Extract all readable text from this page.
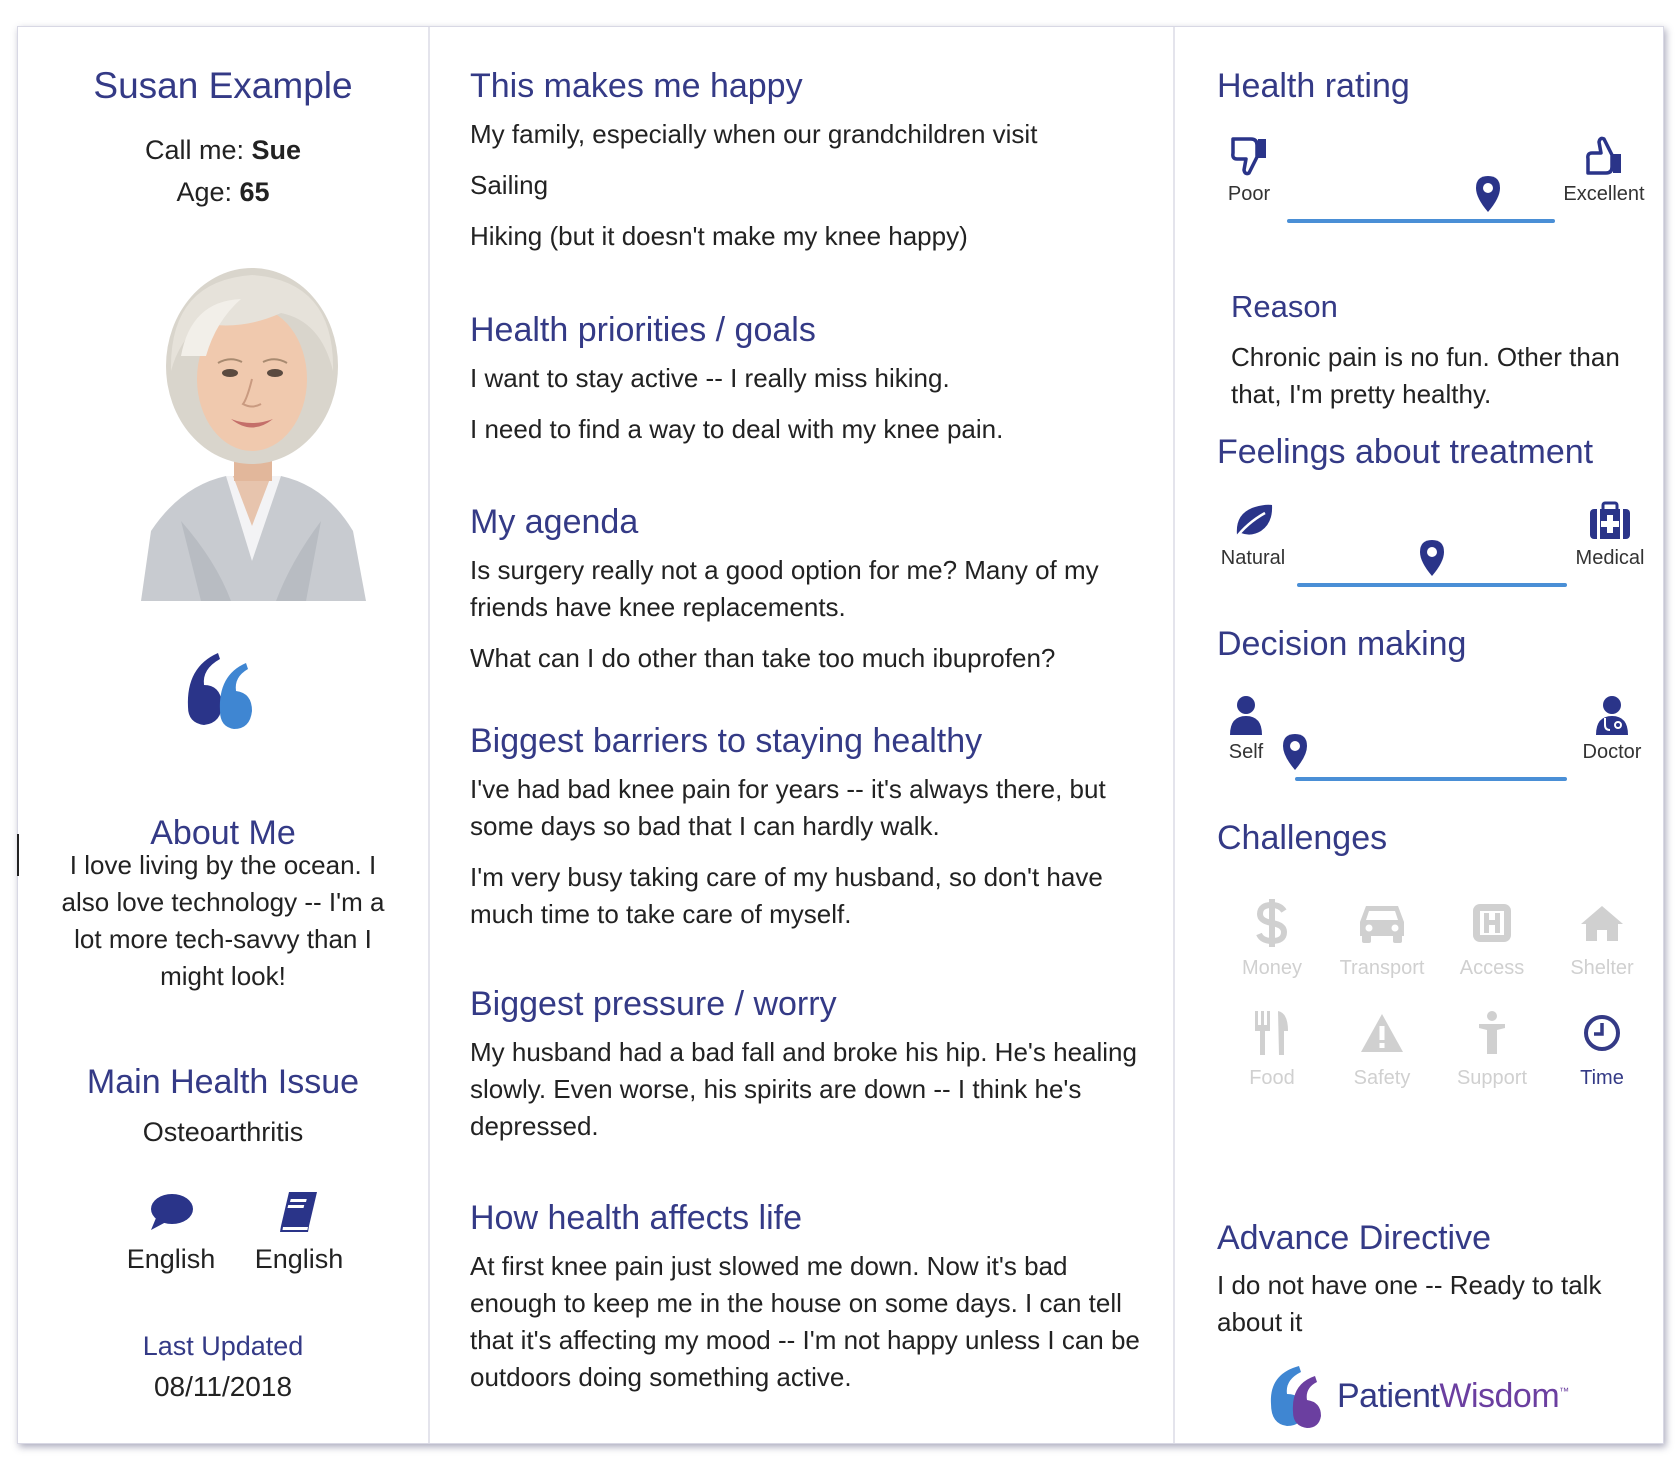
Susan Example
Call me: Sue
Age: 65
About Me
I love living by the ocean. I also love technology -- I'm a lot more tech-savvy than I might look!
Main Health Issue
Osteoarthritis
English	English
Last Updated
08/11/2018
This makes me happy

My family, especially when our grandchildren visit

Sailing

Hiking (but it doesn't make my knee happy)

Health priorities / goals

I want to stay active -- I really miss hiking.

I need to find a way to deal with my knee pain.

My agenda

Is surgery really not a good option for me? Many of my friends have knee replacements.

What can I do other than take too much ibuprofen?

Biggest barriers to staying healthy

I've had bad knee pain for years -- it's always there, but some days so bad that I can hardly walk.

I'm very busy taking care of my husband, so don't have much time to take care of myself.

Biggest pressure / worry

My husband had a bad fall and broke his hip. He's healing slowly. Even worse, his spirits are down -- I think he's depressed.

How health affects life

At first knee pain just slowed me down. Now it's bad enough to keep me in the house on some days. I can tell that it's affecting my mood -- I'm not happy unless I can be outdoors doing something active.

Health rating
Poor	Excellent
Reason
Chronic pain is no fun. Other than that, I'm pretty healthy.
Feelings about treatment
Natural	Medical
Decision making
Self	Doctor
Challenges
Money	Transport	Access	Shelter
Food	Safety	Support	Time
Advance Directive
I do not have one -- Ready to talk about it
PatientWisdom™
